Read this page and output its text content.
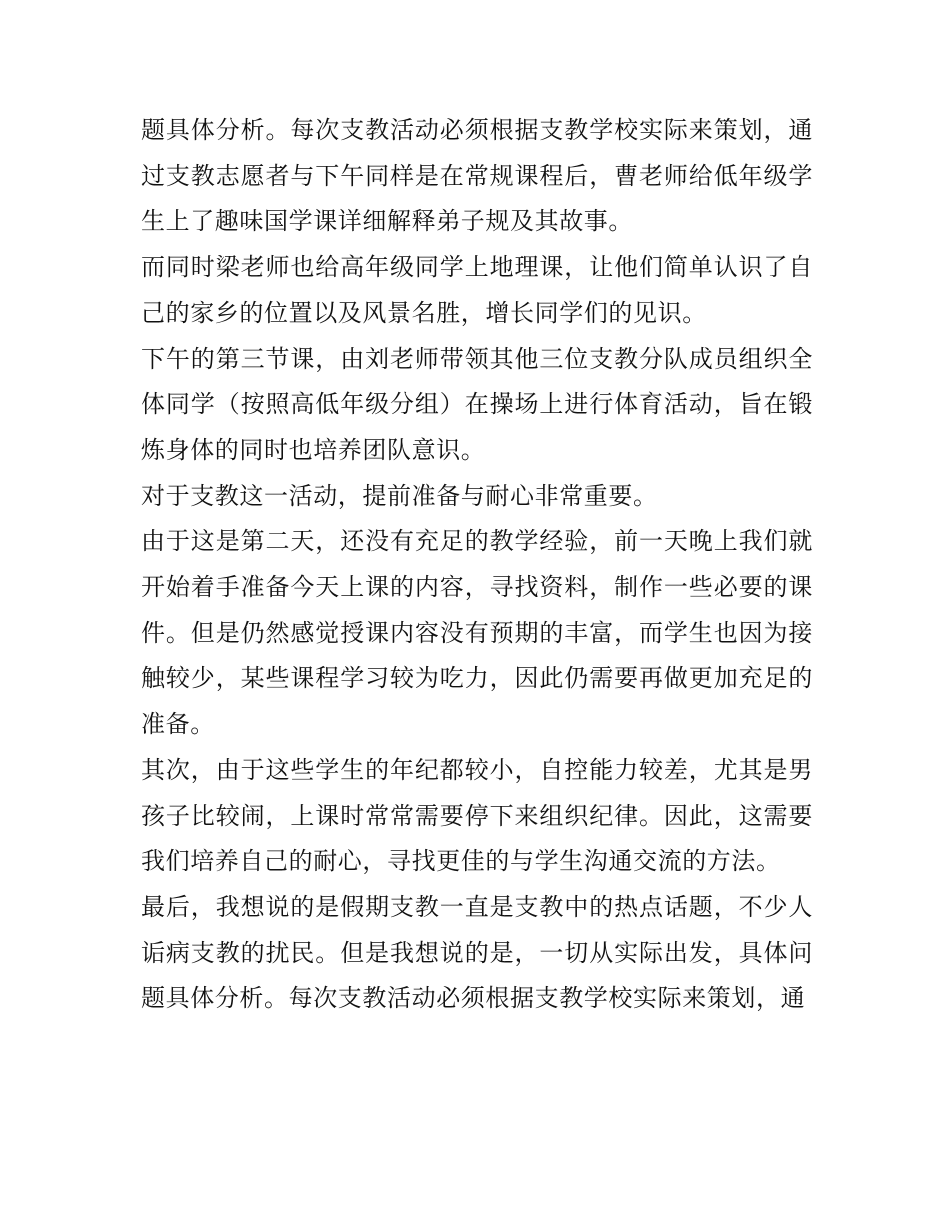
题具体分析。每次支教活动必须根据支教学校实际来策划，通过支教志愿者与下午同样是在常规课程后，曹老师给低年级学生上了趣味国学课详细解释弟子规及其故事。

而同时梁老师也给高年级同学上地理课，让他们简单认识了自己的家乡的位置以及风景名胜，增长同学们的见识。

下午的第三节课，由刘老师带领其他三位支教分队成员组织全体同学（按照高低年级分组）在操场上进行体育活动，旨在锻炼身体的同时也培养团队意识。

对于支教这一活动，提前准备与耐心非常重要。

由于这是第二天，还没有充足的教学经验，前一天晚上我们就开始着手准备今天上课的内容，寻找资料，制作一些必要的课件。但是仍然感觉授课内容没有预期的丰富，而学生也因为接触较少，某些课程学习较为吃力，因此仍需要再做更加充足的准备。

其次，由于这些学生的年纪都较小，自控能力较差，尤其是男孩子比较闹，上课时常常需要停下来组织纪律。因此，这需要我们培养自己的耐心，寻找更佳的与学生沟通交流的方法。

最后，我想说的是假期支教一直是支教中的热点话题，不少人诟病支教的扰民。但是我想说的是，一切从实际出发，具体问题具体分析。每次支教活动必须根据支教学校实际来策划，通
